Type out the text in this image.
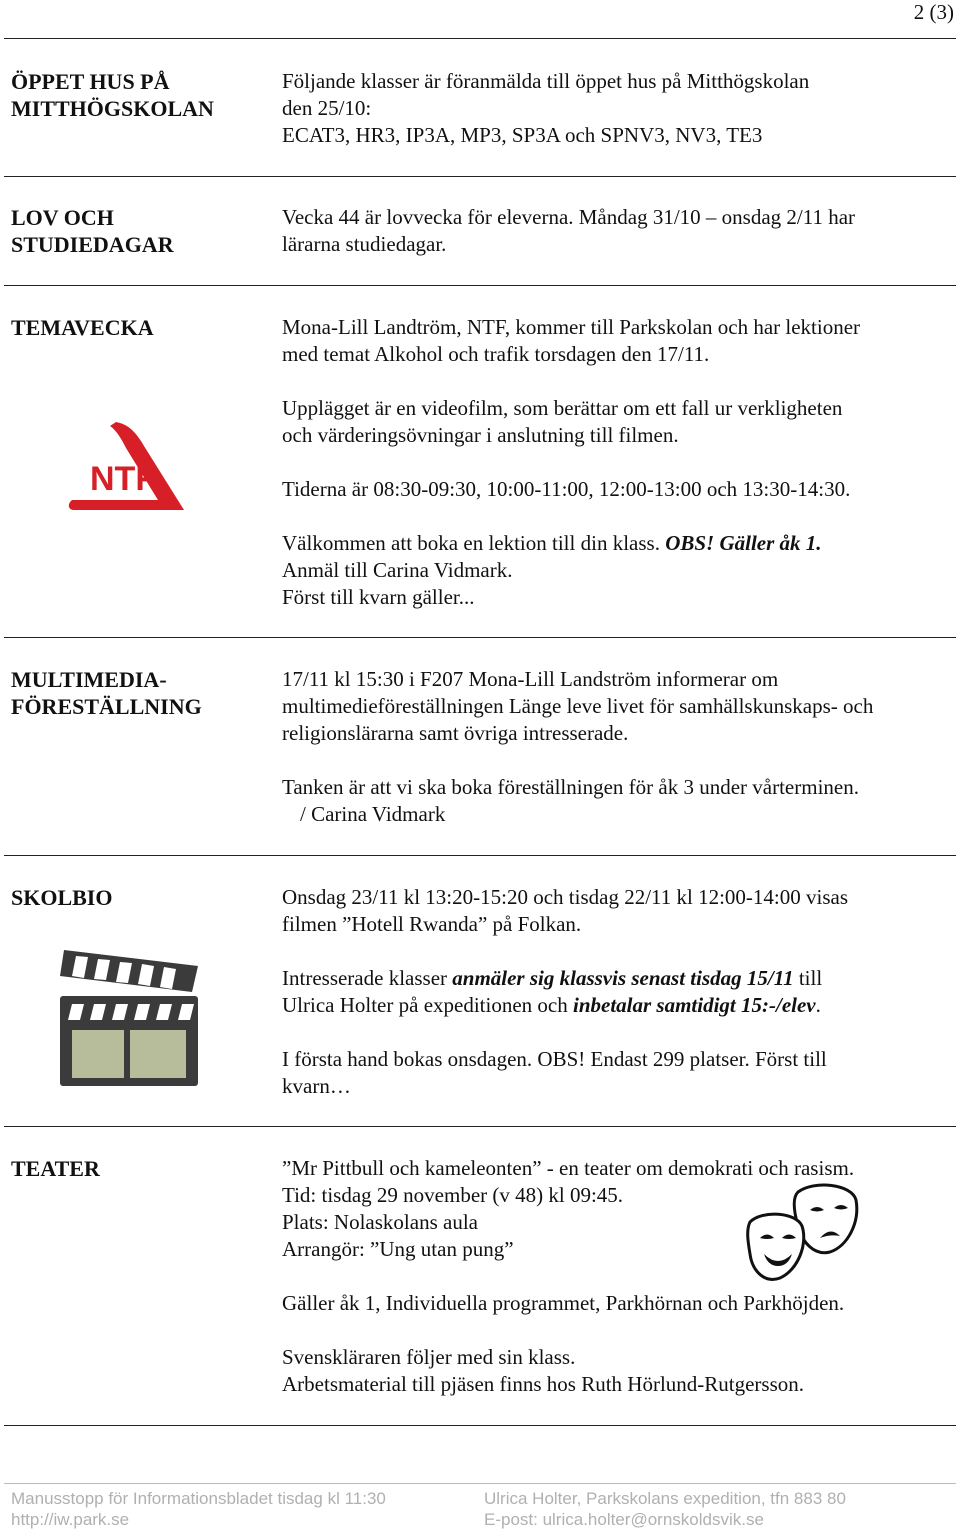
2 (3)
ÖPPET HUS PÅ
MITTHÖGSKOLAN

Följande klasser är föranmälda till öppet hus på Mitthögskolan

den 25/10:

ECAT3, HR3, IP3A, MP3, SP3A och SPNV3, NV3, TE3

LOV OCH
STUDIEDAGAR

Vecka 44 är lovvecka för eleverna. Måndag 31/10 – onsdag 2/11 har

lärarna studiedagar.

TEMAVECKA
NTF

Mona-Lill Landtröm, NTF, kommer till Parkskolan och har lektioner

med temat Alkohol och trafik torsdagen den 17/11.

Upplägget är en videofilm, som berättar om ett fall ur verkligheten

och värderingsövningar i anslutning till filmen.

Tiderna är 08:30-09:30, 10:00-11:00, 12:00-13:00 och 13:30-14:30.

Välkommen att boka en lektion till din klass. OBS! Gäller åk 1.

Anmäl till Carina Vidmark.

Först till kvarn gäller...

MULTIMEDIA-
FÖRESTÄLLNING

17/11 kl 15:30 i F207 Mona-Lill Landström informerar om

multimedieföreställningen Länge leve livet för samhällskunskaps- och

religionslärarna samt övriga intresserade.

Tanken är att vi ska boka föreställningen för åk 3 under vårterminen.

/ Carina Vidmark

SKOLBIO	Onsdag 23/11 kl 13:20-15:20 och tisdag 22/11 kl 12:00-14:00 visas

filmen ”Hotell Rwanda” på Folkan.

Intresserade klasser anmäler sig klassvis senast tisdag 15/11 till

Ulrica Holter på expeditionen och inbetalar samtidigt 15:-/elev.

I första hand bokas onsdagen. OBS! Endast 299 platser. Först till

kvarn…

TEATER	”Mr Pittbull och kameleonten” - en teater om demokrati och rasism.

Tid: tisdag 29 november (v 48) kl 09:45.

Plats: Nolaskolans aula

Arrangör: ”Ung utan pung”

Gäller åk 1, Individuella programmet, Parkhörnan och Parkhöjden.

Svenskläraren följer med sin klass.

Arbetsmaterial till pjäsen finns hos Ruth Hörlund-Rutgersson.

Manusstopp för Informationsbladet tisdag kl 11:30
http://iw.park.se
Ulrica Holter, Parkskolans expedition, tfn 883 80
E-post: ulrica.holter@ornskoldsvik.se
